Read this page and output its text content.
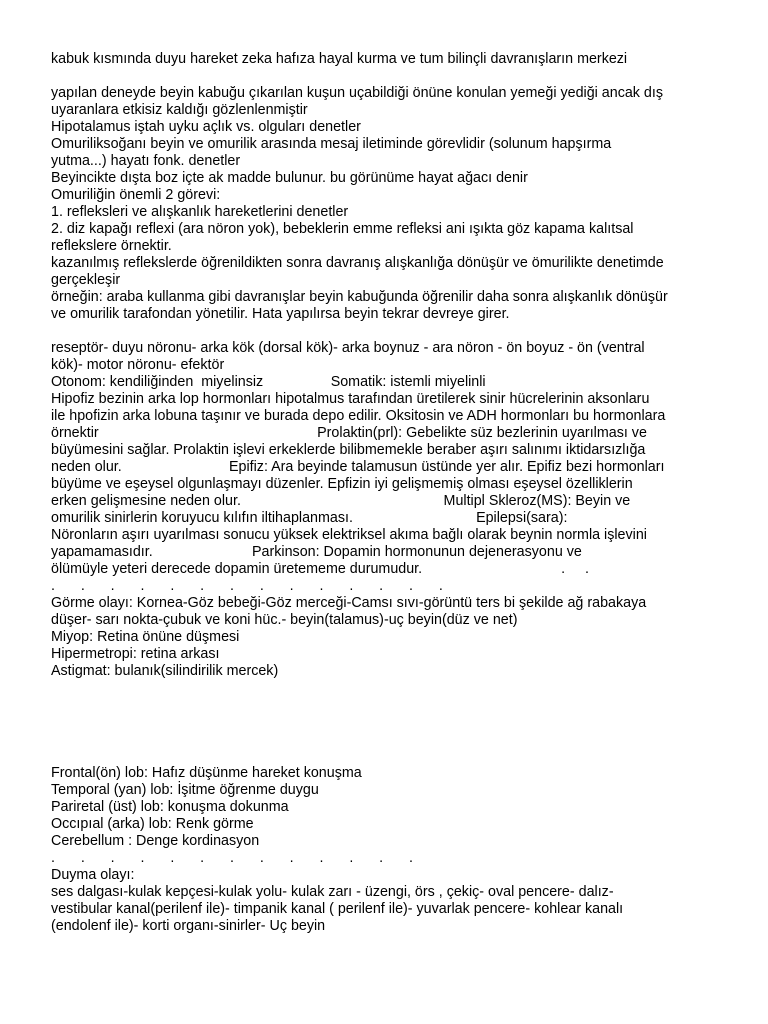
kabuk kısmında duyu hareket zeka hafıza hayal kurma ve tum bilinçli davranışların merkezi
yapılan deneyde beyin kabuğu çıkarılan kuşun uçabildiği önüne konulan yemeği yediği ancak dış
uyaranlara etkisiz kaldığı gözlenlenmiştir
Hipotalamus iştah uyku açlık vs. olguları denetler
Omuriliksoğanı beyin ve omurilik arasında mesaj iletiminde görevlidir (solunum hapşırma
yutma...) hayatı fonk. denetler
Beyincikte dışta boz içte ak madde bulunur. bu görünüme hayat ağacı denir
Omuriliğin önemli 2 görevi:
1. refleksleri ve alışkanlık hareketlerini denetler
2. diz kapağı reflexi (ara nöron yok), bebeklerin emme refleksi ani ışıkta göz kapama kalıtsal
reflekslere örnektir.
kazanılmış reflekslerde öğrenildikten sonra davranış alışkanlığa dönüşür ve ömurilikte denetimde
gerçekleşir
örneğin: araba kullanma gibi davranışlar beyin kabuğunda öğrenilir daha sonra alışkanlık dönüşür
ve omurilik tarafondan yönetilir. Hata yapılırsa beyin tekrar devreye girer.
reseptör- duyu nöronu- arka kök (dorsal kök)- arka boynuz - ara nöron - ön boyuz - ön (ventral
kök)- motor nöronu- efektör
Otonom: kendiliğinden  miyelinsiz                 Somatik: istemli miyelinli
Hipofiz bezinin arka lop hormonları hipotalmus tarafından üretilerek sinir hücrelerinin aksonlaru
ile hpofizin arka lobuna taşınır ve burada depo edilir. Oksitosin ve ADH hormonları bu hormonlara
örnektir                                                       Prolaktin(prl): Gebelikte süz bezlerinin uyarılması ve
büyümesini sağlar. Prolaktin işlevi erkeklerde bilibmemekle beraber aşırı salınımı iktidarsızlığa
neden olur.                           Epifiz: Ara beyinde talamusun üstünde yer alır. Epifiz bezi hormonları
büyüme ve eşeysel olgunlaşmayı düzenler. Epfizin iyi gelişmemiş olması eşeysel özelliklerin
erken gelişmesine neden olur.                                                   Multipl Skleroz(MS): Beyin ve
omurilik sinirlerin koruyucu kılıfın iltihaplanması.                               Epilepsi(sara):
Nöronların aşırı uyarılması sonucu yüksek elektriksel akıma bağlı olarak beynin normla işlevini
yapamamasıdır.                         Parkinson: Dopamin hormonunun dejenerasyonu ve
ölümüyle yeteri derecede dopamin üretememe durumudur.                                   .     .
.     .     .     .     .     .     .     .     .     .     .     .     .     .
Görme olayı: Kornea-Göz bebeği-Göz merceği-Camsı sıvı-görüntü ters bi şekilde ağ rabakaya
düşer- sarı nokta-çubuk ve koni hüc.- beyin(talamus)-uç beyin(düz ve net)
Miyop: Retina önüne düşmesi
Hipermetropi: retina arkası
Astigmat: bulanık(silindirilik mercek)
Frontal(ön) lob: Hafız düşünme hareket konuşma
Temporal (yan) lob: İşitme öğrenme duygu
Pariretal (üst) lob: konuşma dokunma
Occıpıal (arka) lob: Renk görme
Cerebellum : Denge kordinasyon
.     .     .     .     .     .     .     .     .     .     .     .     .
Duyma olayı:
ses dalgası-kulak kepçesi-kulak yolu- kulak zarı - üzengi, örs , çekiç- oval pencere- dalız-
vestibular kanal(perilenf ile)- timpanik kanal ( perilenf ile)- yuvarlak pencere- kohlear kanalı
(endolenf ile)- korti organı-sinirler- Uç beyin
